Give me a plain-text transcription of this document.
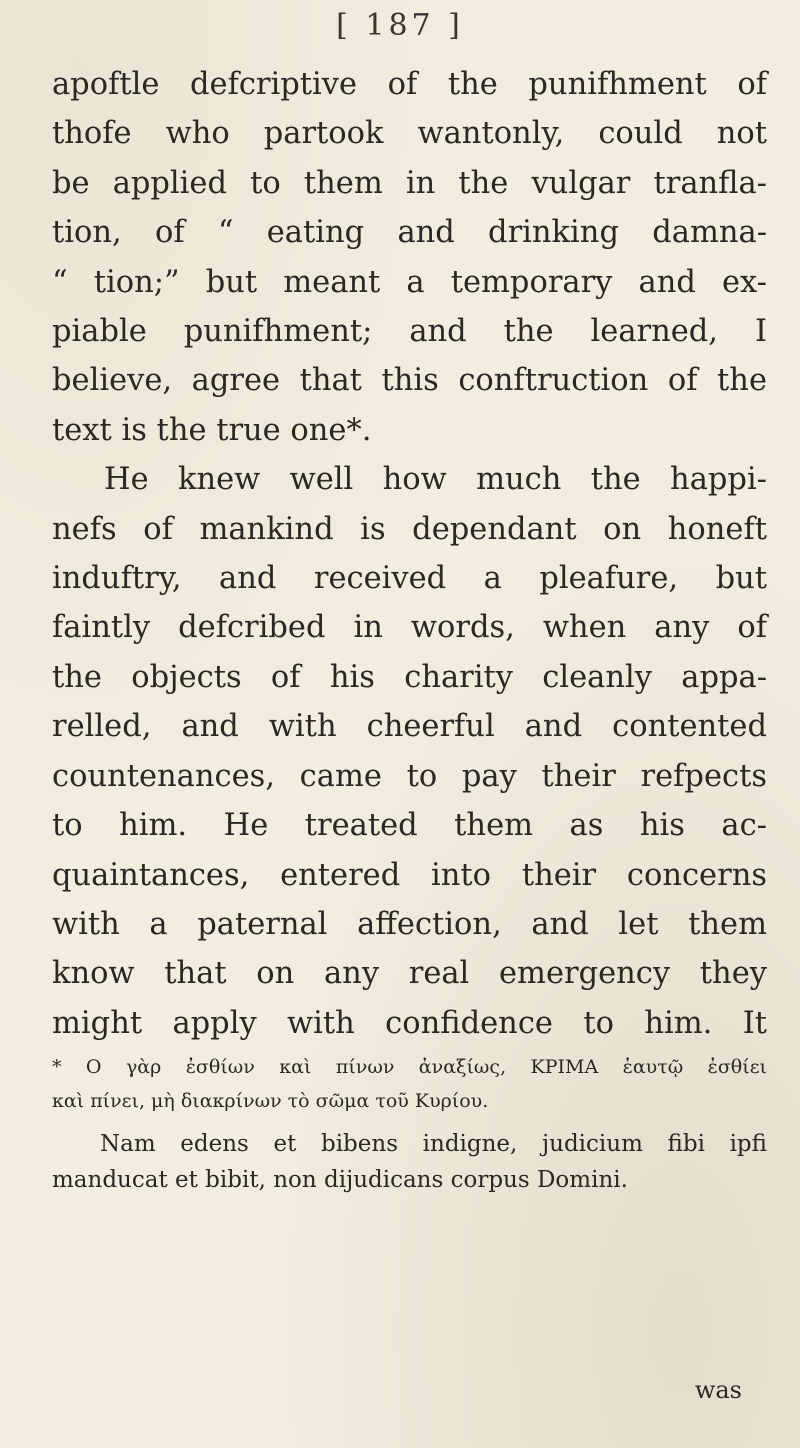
[ 187 ]
apoftle defcriptive of the punifhment of
thofe who partook wantonly, could not
be applied to them in the vulgar tranfla-
tion, of “ eating and drinking damna-
“ tion;” but meant a temporary and ex-
piable punifhment; and the learned, I
believe, agree that this conftruction of the
text is the true one*.
He knew well how much the happi-
nefs of mankind is dependant on honeft
induftry, and received a pleafure, but
faintly defcribed in words, when any of
the objects of his charity cleanly appa-
relled, and with cheerful and contented
countenances, came to pay their refpects
to him. He treated them as his ac-
quaintances, entered into their concerns
with a paternal affection, and let them
know that on any real emergency they
might apply with confidence to him. It
* Ο γὰρ ἐσθίων καὶ πίνων ἀναξίως, ΚΡΙΜΑ ἑαυτῷ ἐσθίει
καὶ πίνει, μὴ διακρίνων τὸ σῶμα τοῦ Κυρίου.
Nam edens et bibens indigne, judicium fibi ipfi
manducat et bibit, non dijudicans corpus Domini.
was
